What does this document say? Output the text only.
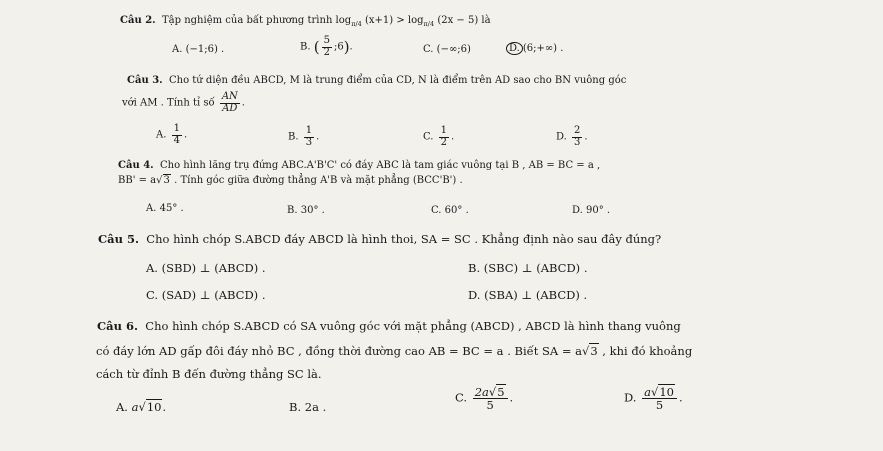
Câu 2. Tập nghiệm của bất phương trình $\log_{\pi/4} (x+1) > \log_{\pi/4} (2x - 5)$ là
A. (−1;6) .	B. ( $\frac{5}{2}$ ;6).	C. (−∞;6)	D. (6;+∞) .
Câu 3. Cho tứ diện đều ABCD, M là trung điểm của CD, N là điểm trên AD sao cho BN vuông góc
với AM . Tính tỉ số $\frac{AN}{AD}$ .
A. $\frac{1}{4}$ .	B. $\frac{1}{3}$ .	C. $\frac{1}{2}$ .	D. $\frac{2}{3}$ .
Câu 4. Cho hình lăng trụ đứng ABC.A'B'C' có đáy ABC là tam giác vuông tại B , AB = BC = a ,
BB' = a√3 . Tính góc giữa đường thẳng A'B và mặt phẳng (BCC'B') .
A. 45° .	B. 30° .	C. 60° .	D. 90° .
Câu 5. Cho hình chóp S.ABCD đáy ABCD là hình thoi, SA = SC . Khẳng định nào sau đây đúng?
A. (SBD) ⊥ (ABCD) .	B. (SBC) ⊥ (ABCD) .
C. (SAD) ⊥ (ABCD) .	D. (SBA) ⊥ (ABCD) .
Câu 6. Cho hình chóp S.ABCD có SA vuông góc với mặt phẳng (ABCD) , ABCD là hình thang vuông
có đáy lớn AD gấp đôi đáy nhỏ BC , đồng thời đường cao AB = BC = a . Biết SA = a√3 , khi đó khoảng
cách từ đỉnh B đến đường thẳng SC là.
A. a√10.	B. 2a .
C. $\frac{2a√5}{5}$ .	D. $\frac{a√10}{5}$ .
